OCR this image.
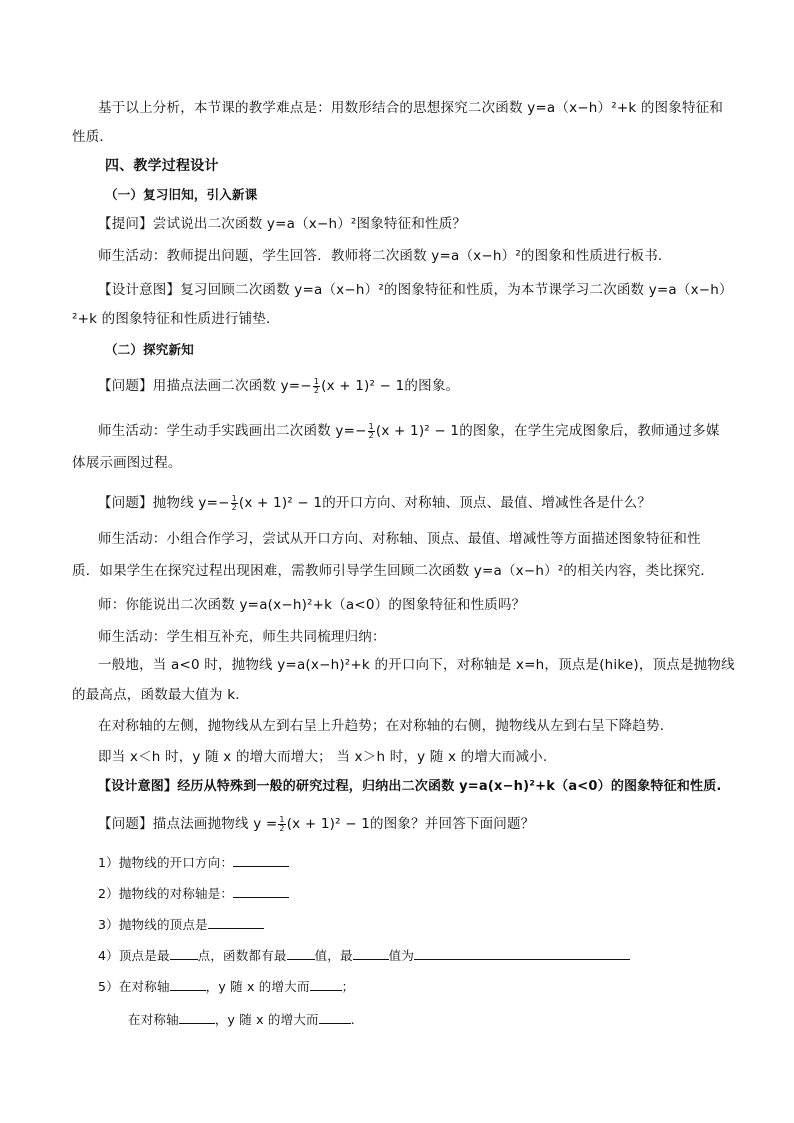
基于以上分析，本节课的教学难点是：用数形结合的思想探究二次函数 y=a（x−h）²+k 的图象特征和
性质．
四、教学过程设计
（一）复习旧知，引入新课
【提问】尝试说出二次函数 y=a（x−h）²图象特征和性质？
师生活动：教师提出问题，学生回答．教师将二次函数 y=a（x−h）²的图象和性质进行板书．
【设计意图】复习回顾二次函数 y=a（x−h）²的图象特征和性质，为本节课学习二次函数 y=a（x−h）
²+k 的图象特征和性质进行铺垫．
（二）探究新知
【问题】用描点法画二次函数 $y=- \frac{1}{2} (x + 1)^2 - 1$的图象。
师生活动：学生动手实践画出二次函数 $y=- \frac{1}{2} (x + 1)^2 - 1$的图象，在学生完成图象后，教师通过多媒
体展示画图过程。
【问题】抛物线 $y=- \frac{1}{2} (x + 1)^2 - 1$的开口方向、对称轴、顶点、最值、增减性各是什么？
师生活动：小组合作学习，尝试从开口方向、对称轴、顶点、最值、增减性等方面描述图象特征和性
质．如果学生在探究过程出现困难，需教师引导学生回顾二次函数 y=a（x−h）²的相关内容，类比探究．
师：你能说出二次函数 y=a(x−h)²+k（a<0）的图象特征和性质吗？
师生活动：学生相互补充，师生共同梳理归纳：
一般地，当 a<0 时，抛物线 y=a(x−h)²+k 的开口向下，对称轴是 x=h，顶点是(hike)，顶点是抛物线
的最高点，函数最大值为 k.
在对称轴的左侧，抛物线从左到右呈上升趋势；在对称轴的右侧，抛物线从左到右呈下降趋势．
即当 x＜h 时，y 随 x 的增大而增大； 当 x＞h 时，y 随 x 的增大而减小.
【设计意图】经历从特殊到一般的研究过程，归纳出二次函数 y=a(x−h)²+k（a<0）的图象特征和性质.
【问题】描点法画抛物线 $y = \frac{1}{2} (x + 1)^2 - 1$的图象？并回答下面问题？
1）抛物线的开口方向：
2）抛物线的对称轴是：
3）抛物线的顶点是
4）顶点是最 点，函数都有最 值，最	值为
5）在对称轴	，y 随 x 的增大而	；
在对称轴	，y 随 x 的增大而	.
